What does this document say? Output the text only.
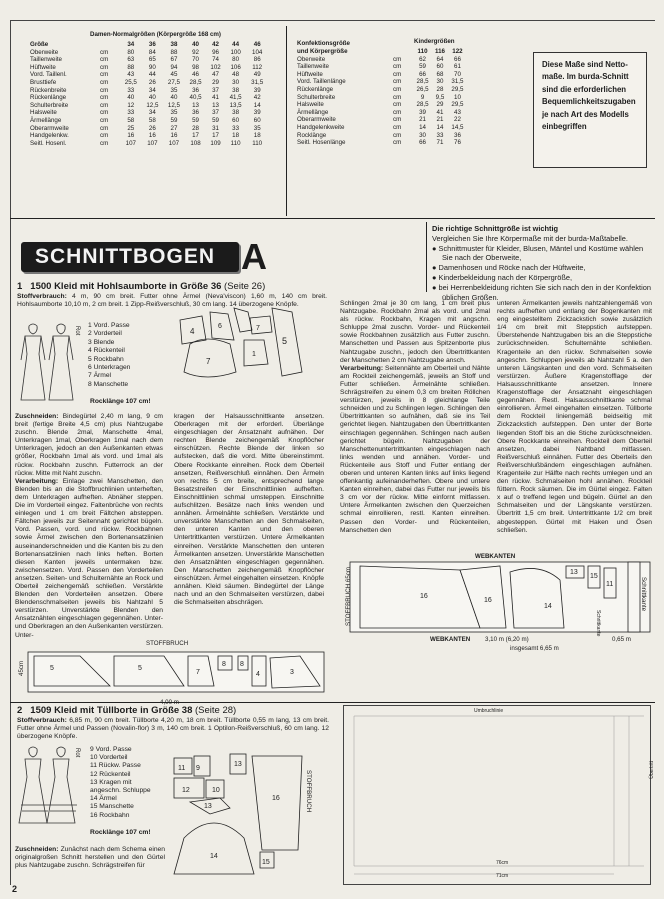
Damen-Normalgrößen (Körpergröße 168 cm)
Größe		34	36	38	40	42	44	46
Oberweite	cm	80	84	88	92	96	100	104
Taillenweite	cm	63	65	67	70	74	80	86
Hüftweite	cm	88	90	94	98	102	106	112
Vord. Taillenl.	cm	43	44	45	46	47	48	49
Brusttiefe	cm	25,5	26	27,5	28,5	29	30	31,5
Rückenbreite	cm	33	34	35	36	37	38	39
Rückenlänge	cm	40	40	40	40,5	41	41,5	42
Schulterbreite	cm	12	12,5	12,5	13	13	13,5	14
Halsweite	cm	33	34	35	36	37	38	39
Ärmellänge	cm	58	58	59	59	59	60	60
Oberarmweite	cm	25	26	27	28	31	33	35
Handgelenkw.	cm	16	16	16	17	17	18	18
Seitl. Hosenl.	cm	107	107	107	108	109	110	110
Konfektionsgröße
und Körpergröße
Kindergrößen
		110	116	122
Oberweite	cm	62	64	66
Taillenweite	cm	59	60	61
Hüftweite	cm	66	68	70
Vord. Taillenlänge	cm	28,5	30	31,5
Rückenlänge	cm	26,5	28	29,5
Schulterbreite	cm	9	9,5	10
Halsweite	cm	28,5	29	29,5
Ärmellänge	cm	39	41	43
Oberarmweite	cm	21	21	22
Handgelenkweite	cm	14	14	14,5
Rocklänge	cm	30	33	36
Seitl. Hosenlänge	cm	66	71	76
Diese Maße sind Nettomaße. Im burda-Schnitt sind die erforderlichen Bequemlichkeitszugaben je nach Art des Modells einbegriffen
SCHNITTBOGEN A
Die richtige Schnittgröße ist wichtig
Vergleichen Sie Ihre Körpermaße mit der burda-Maßtabelle.
● Schnittmuster für Kleider, Blusen, Mäntel und Kostüme wählen Sie nach der Oberweite,
● Damenhosen und Röcke nach der Hüftweite,
● Kinderbekleidung nach der Körpergröße,
● bei Herrenbekleidung richten Sie sich nach den in der Konfektion üblichen Größen.
1 1500 Kleid mit Hohlsaumborte in Größe 36 (Seite 26)
Stoffverbrauch: 4 m, 90 cm breit. Futter ohne Ärmel (Neva'viscon) 1,60 m, 140 cm breit. Hohlsaumborte 10,10 m, 2 cm breit. 1 Zipp-Reißverschluß, 30 cm lang. 14 überzogene Knöpfe.
Rot
1 Vord. Passe
2 Vorderteil
3 Blende
4 Rückenteil
5 Rockbahn
6 Unterkragen
7 Ärmel
8 Manschette
Rocklänge 107 cm!
4
6	7
5
7
1
Zuschneiden: Bindegürtel 2,40 m lang, 9 cm breit (fertige Breite 4,5 cm) plus Nahtzugabe zuschn. Blende 2mal, Manschette 4mal, Unterkragen 1mal, Oberkragen 1mal nach dem Unterkragen, jedoch an den Außenkanten etwas größer, Rockbahn 1mal als vord. und 1mal als rückw. Rockbahn zuschn. Futterrock an der rückw. Mitte mit Naht zuschn.
Verarbeitung: Einlage zwei Manschetten, den Blenden bis an die Stoffbruchlinien unterheften, dem Unterkragen aufheften. Abnäher steppen. Die im Vorderteil eingez. Faltenbrüche von rechts einlegen und 1 cm breit Fältchen absteppen. Fältchen jeweils zur Seitennaht gerichtet bügeln. Vord. Passen, vord. und rückw. Rockbahnen sowie Ärmel zwischen den Bortenansatzlinien auseinanderschneiden und die Kanten bis zu den Bortenansatzlinien nach links heften. Borten diesen Kanten jeweils untermaken bzw. zwischensetzen. Vord. Passen den Vorderteilen ansetzen. Seiten- und Schulternähte an Rock und Oberteil zeichengemäß schließen. Verstärkte Blenden den Vorderteilen ansetzen. Obere Blendenschmalseiten jeweils bis Nahtzahl 5 verstürzen. Unverstärkte Blenden den Ansatznähten eingeschlagen gegennähen. Unter- und Oberkragen an den Außenkanten verstürzen. Unter-
kragen der Halsausschnittkante ansetzen. Oberkragen mit der erforderl. Überlänge eingeschlagen der Ansatznaht aufnähen. Der rechten Blende zeichengemäß Knopflöcher einschützen. Rechte Blende der linken so aufstecken, daß die vord. Mitte übereinstimmt. Obere Rockkante einreihen. Rock dem Oberteil ansetzen, Reißverschluß einnähen. Den Ärmeln von rechts 5 cm breite, entsprechend lange Besatzstreifen der Einschnittlinien aufheften. Einschnittlinien schmal umsteppen. Einschnitte aufschlitzen. Besätze nach links wenden und annähen. Ärmelnähte schließen. Verstärkte und unverstärkte Manschetten an den Schmalseiten, den unteren Kanten und den oberen Untertrittkanten verstürzen. Untere Ärmelkanten einreihen. Verstärkte Manschetten den unteren Ärmelkanten ansetzen. Unverstärkte Manschetten den Ansatznähten eingeschlagen gegennähen. Den Manschetten zeichengemäß Knopflöcher einschützen. Ärmel eingehalten einsetzen. Knöpfe annähen. Kleid säumen. Bindegürtel der Länge nach und an den Schmalseiten verstürzen, dabei die Schmalseiten abschrägen.
STOFFBRUCH
5	5
7
8 8
4	3
45cm
Schlingen 2mal je 30 cm lang, 1 cm breit plus Nahtzugabe. Rockbahn 2mal als vord. und 2mal als rückw. Rockbahn, Kragen mit angschn. Schluppe 2mal zuschn. Vorder- und Rückenteil sowie Rockbahnen zusätzlich aus Futter zuschn. Manschetten und Passen aus Spitzenborte plus Nahtzugabe zuschn., jedoch den Übertrittkanten der Manschetten 2 cm Nahtzugabe ansch.
Verarbeitung: Seitennähte am Oberteil und Nähte am Rockteil zeichengemäß, jeweils an Stoff und Futter schließen. Ärmelnähte schließen. Schrägstreifen zu einem 0,3 cm breiten Röllchen verstürzen, jeweils in 8 gleichlange Teile schneiden und zu Schlingen legen. Schlingen den Übertrittkanten so aufnähen, daß sie ins Teil gerichtet liegen. Nahtzugaben den Übertrittkanten einschlagen gegennähen. Schlingen nach außen gerichtet bügeln. Nahtzugaben der Manschettenuntertrittkanten eingeschlagen nach links wenden und annähen. Vorder- und Rückenteile aus Stoff und Futter entlang der oberen und unteren Kanten links auf links liegend offenkantig aufeinanderheften. Obere und untere Kanten einreihen, dabei das Futter nur jeweils bis 3 cm vor der rückw. Mitte einfornt mitfassen. Untere Ärmelkanten zwischen den Querzeichen schmal einrollieren, restl. Kanten einreihen. Passen den Vorder- und Rückenteilen, Manschetten den
unteren Ärmelkanten jeweils nahtzahlengemäß von rechts aufheften und entlang der Bogenkanten mit eng eingestelltem Zickzackstich sowie zusätzlich 1/4 cm breit mit Steppstich aufsteppen. Überstehende Nahtzugaben bis an die Steppstiche zurückschneiden. Schulternähte schließen. Kragenteile an den rückw. Schmalseiten sowie angeschn. Schluppen jeweils ab Nahtzahl 5 a. den unteren Längskanten und den vord. Schmalseiten verstürzen. Äußere Kragenstofflage der Halsausschnittkante ansetzen. Innere Kragenstofflage der Ansatznaht eingeschlagen gegennähen. Restl. Halsausschnittkante schmal einrollieren. Ärmel eingehalten einsetzen. Tüllborte dem Rockteil liniengemäß beidseitig mit Zickzackstich aufsteppen. Den unter der Borte liegenden Stoff bis an die Stiche zurückschneiden. Obere Rockkante einreihen. Rockteil dem Oberteil ansetzen, dabei Nahtband mitfassen. Reißverschluß einnähen. Futter des Oberteils den Reißverschlußbändern eingeschlagen aufnähen. Kragenteile zur Hälfte nach rechts umlegen und an den rückw. Schmalseiten hohl annähen. Rockteil füttern. Rock säumen. Die im Gürtel eingez. Falten x auf o treffend legen und bügeln. Gürtel an den Schmalseiten und der Längskante verstürzen. Übertritt 1,5 cm breit. Untertrittkante 1/2 cm breit abgesteppen. Gürtel mit Haken und Ösen schließen.
WEBKANTEN
16
16
14
13
15
11
STOFFBRUCH 65cm	Schnittkante
Schrittkante
WEBKANTEN 3,10 m (6,20 m)
insgesamt 6,65 m
0,65 m
2 1509 Kleid mit Tüllborte in Größe 38 (Seite 28)
Stoffverbrauch: 6,85 m, 90 cm breit. Tüllborte 4,20 m, 18 cm breit. Tüllborte 0,55 m lang, 13 cm breit. Futter ohne Ärmel und Passen (Novalin-flor) 3 m, 140 cm breit. 1 Optilon-Reißverschluß, 60 cm lang. 12 überzogene Knöpfe.
Rot 9 Vord. Passe
10 Vorderteil
11 Rückw. Passe
12 Rückenteil
13 Kragen mit angeschn. Schluppe
14 Ärmel
15 Manschette
16 Rockbahn
Rocklänge 107 cm!
11 9
12	10
13
13
16
14
15
STOFFBRUCH
Zuschneiden: Zunächst nach dem Schema einen originalgroßen Schnitt herstellen und den Gürtel plus Nahtzugabe zuschn. Schrägstreifen für
Umbruchlinie
76cm
71cm
Übertritt
2
